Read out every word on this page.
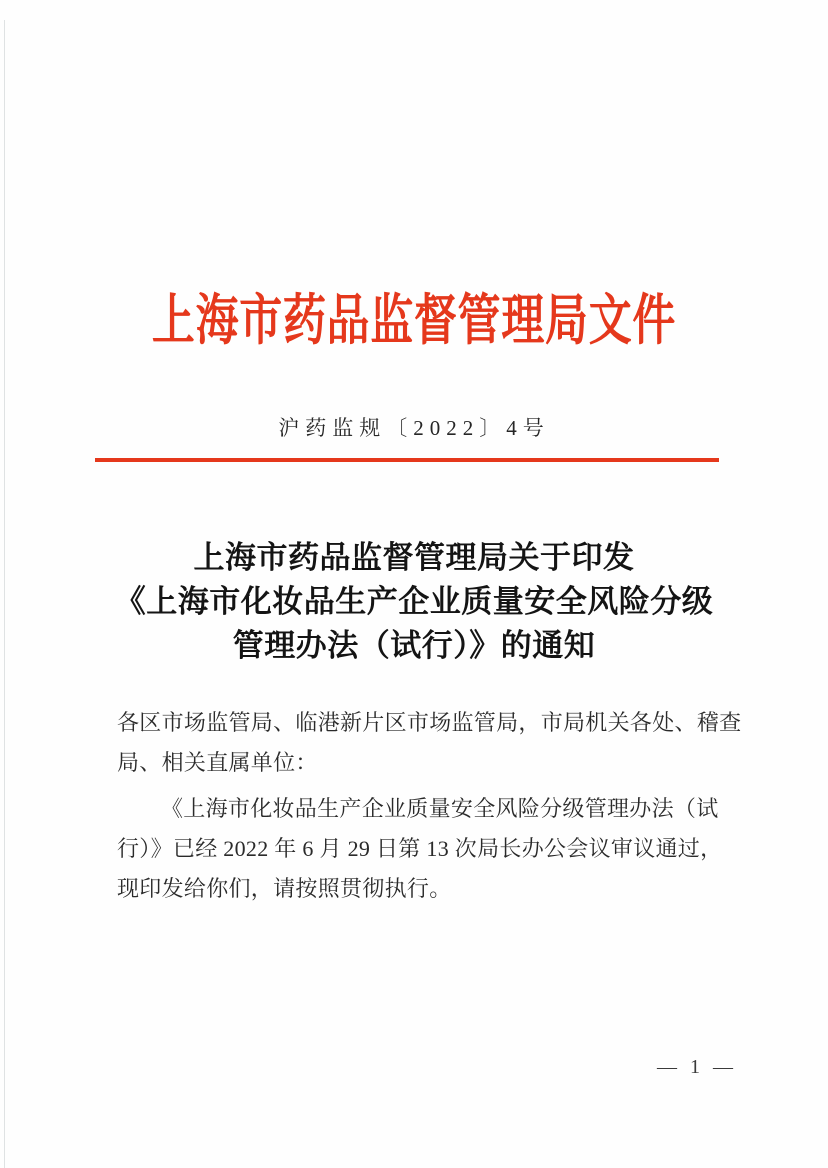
上海市药品监督管理局文件
沪药监规〔2022〕4号
上海市药品监督管理局关于印发
《上海市化妆品生产企业质量安全风险分级
管理办法（试行）》的通知
各区市场监管局、临港新片区市场监管局，市局机关各处、稽查
局、相关直属单位：
《上海市化妆品生产企业质量安全风险分级管理办法（试
行）》已经 2022 年 6 月 29 日第 13 次局长办公会议审议通过，
现印发给你们，请按照贯彻执行。
— 1 —
